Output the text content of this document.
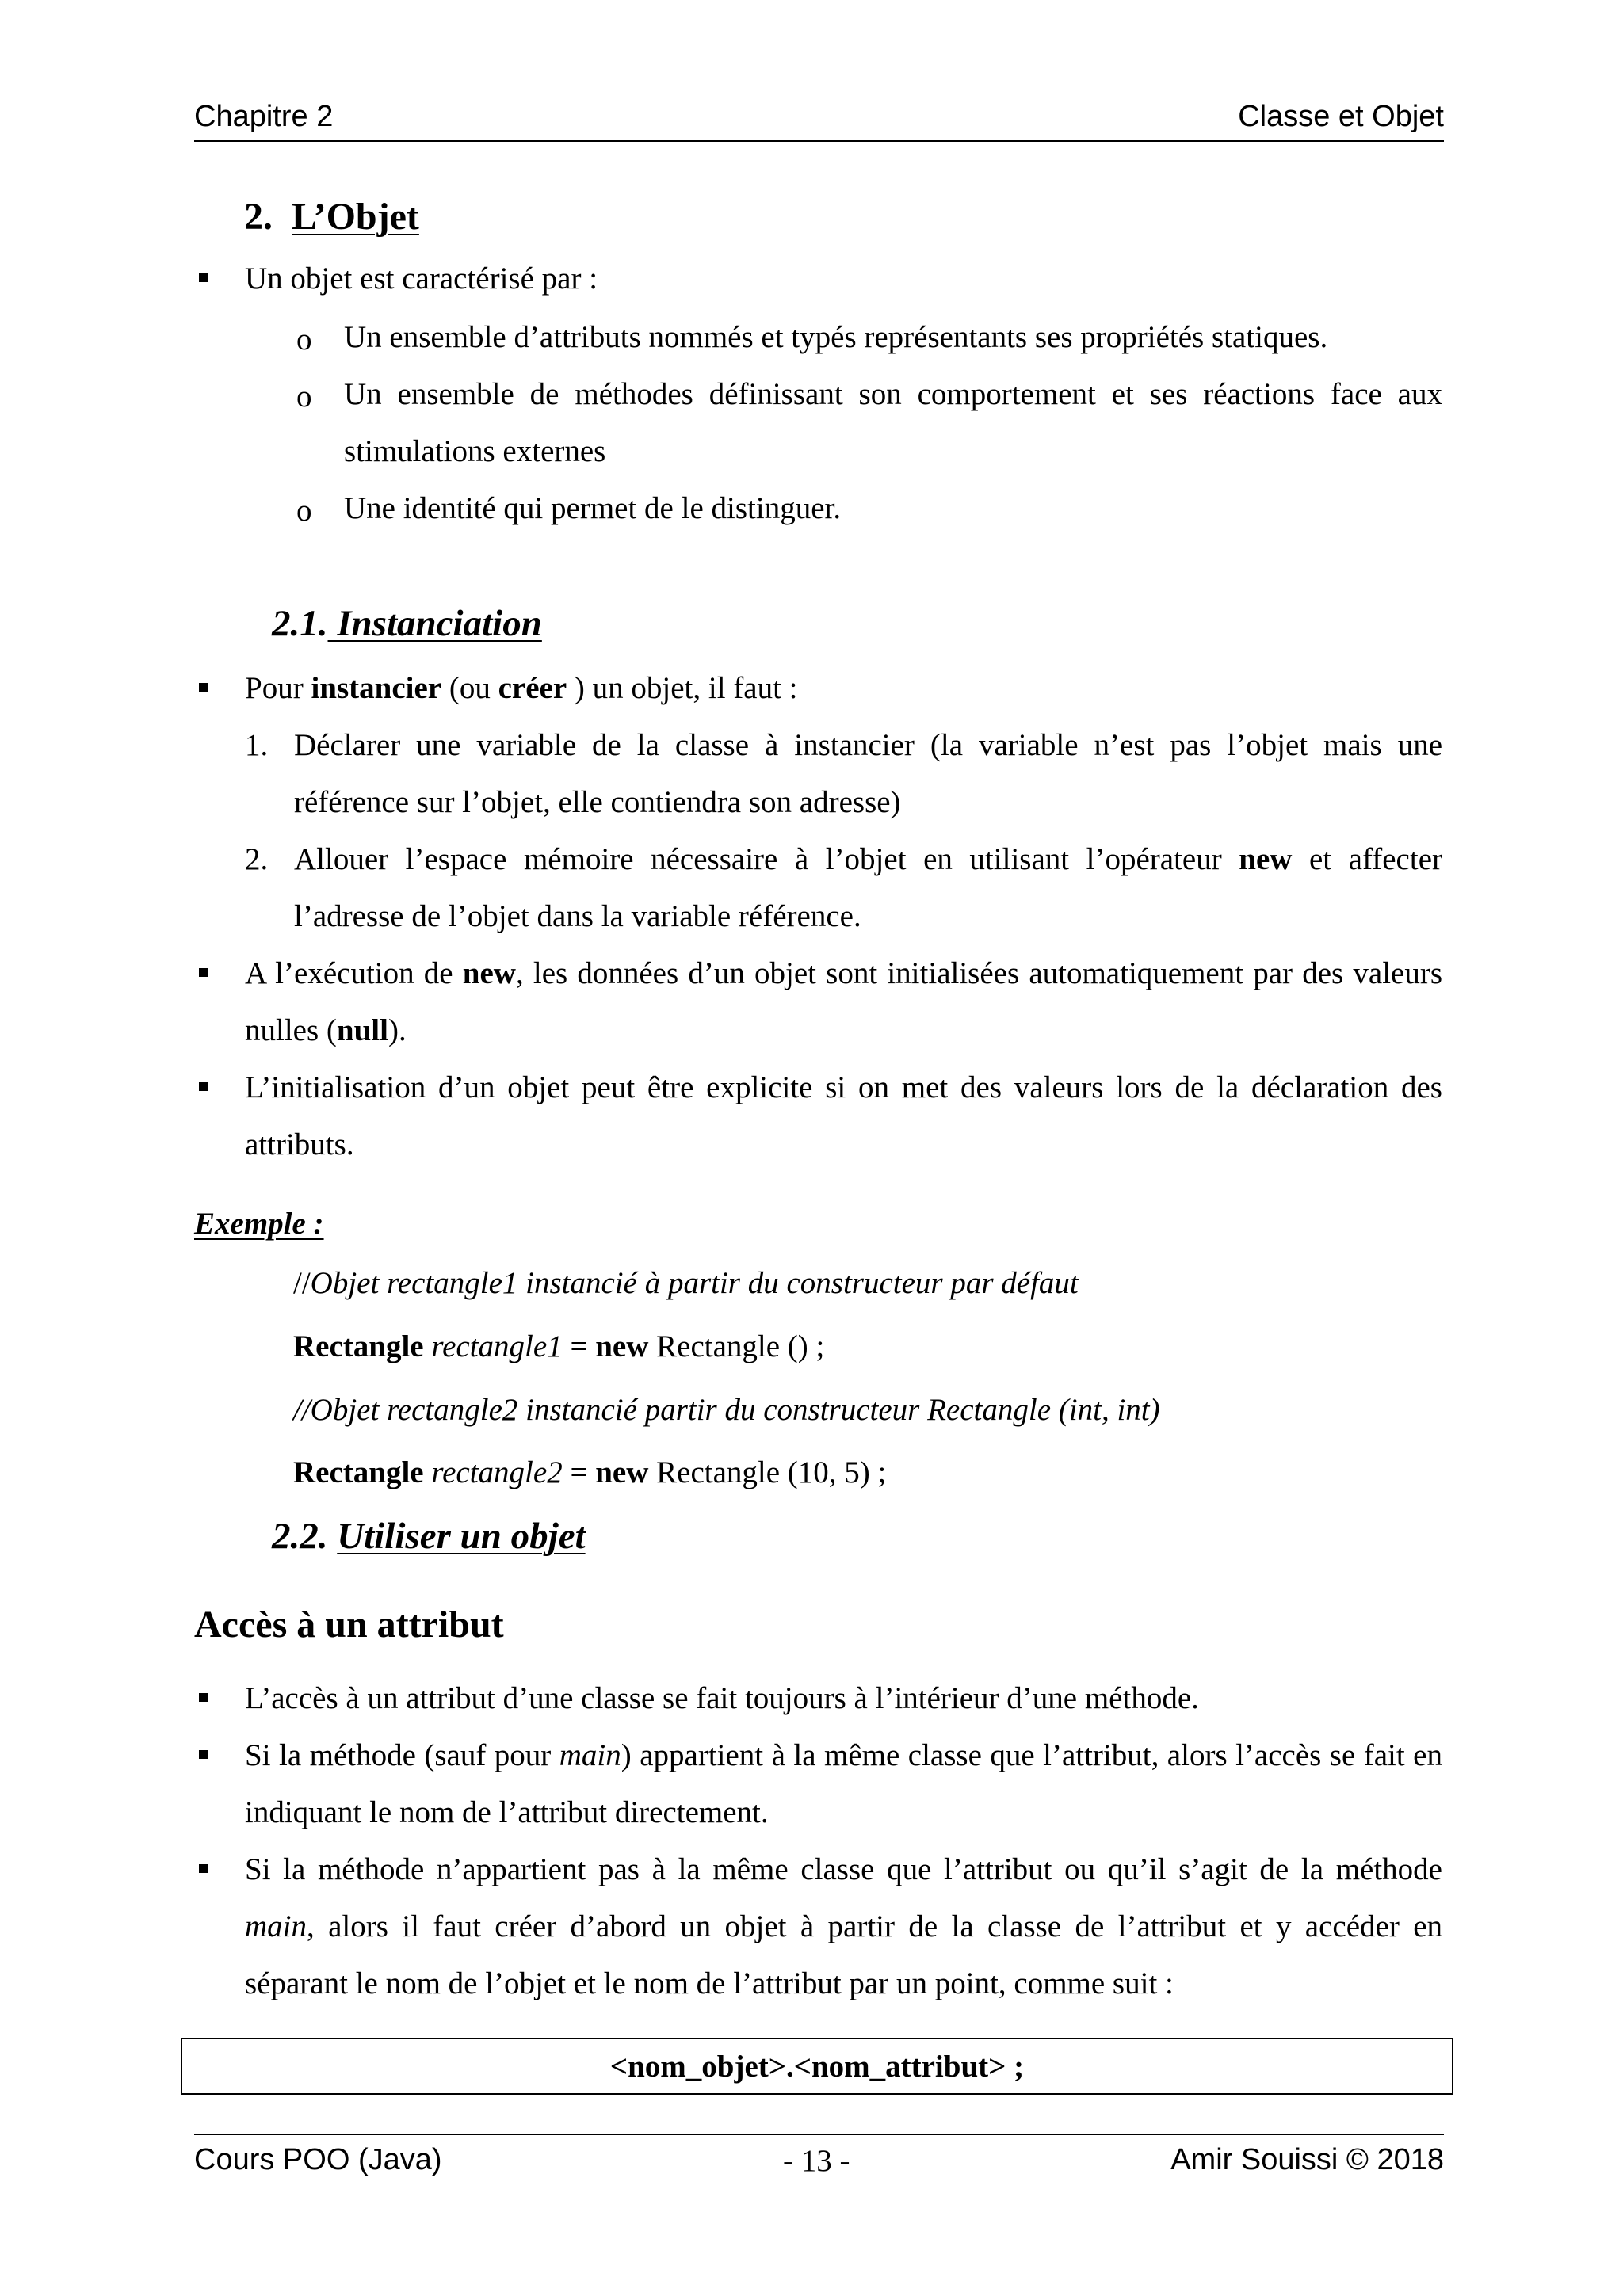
Chapitre 2	Classe et Objet
2. L’Objet
Un objet est caractérisé par :
o Un ensemble d’attributs nommés et typés représentants ses propriétés statiques.
o Un ensemble de méthodes définissant son comportement et ses réactions face aux stimulations externes
o Une identité qui permet de le distinguer.
2.1. Instanciation
Pour instancier (ou créer ) un objet, il faut :
1. Déclarer une variable de la classe à instancier (la variable n’est pas l’objet mais une référence sur l’objet, elle contiendra son adresse)
2. Allouer l’espace mémoire nécessaire à l’objet en utilisant l’opérateur new et affecter l’adresse de l’objet dans la variable référence.
A l’exécution de new, les données d’un objet sont initialisées automatiquement par des valeurs nulles (null).
L’initialisation d’un objet peut être explicite si on met des valeurs lors de la déclaration des attributs.
Exemple :
//Objet rectangle1 instancié à partir du constructeur par défaut
Rectangle rectangle1 = new Rectangle () ;
//Objet rectangle2 instancié partir du constructeur Rectangle (int, int)
Rectangle rectangle2 = new Rectangle (10, 5) ;
2.2. Utiliser un objet
Accès à un attribut
L’accès à un attribut d’une classe se fait toujours à l’intérieur d’une méthode.
Si la méthode (sauf pour main) appartient à la même classe que l’attribut, alors l’accès se fait en indiquant le nom de l’attribut directement.
Si la méthode n’appartient pas à la même classe que l’attribut ou qu’il s’agit de la méthode main, alors il faut créer d’abord un objet à partir de la classe de l’attribut et y accéder en séparant le nom de l’objet et le nom de l’attribut par un point, comme suit :
<nom_objet>.<nom_attribut> ;
Cours POO (Java)	- 13 -	Amir Souissi © 2018
